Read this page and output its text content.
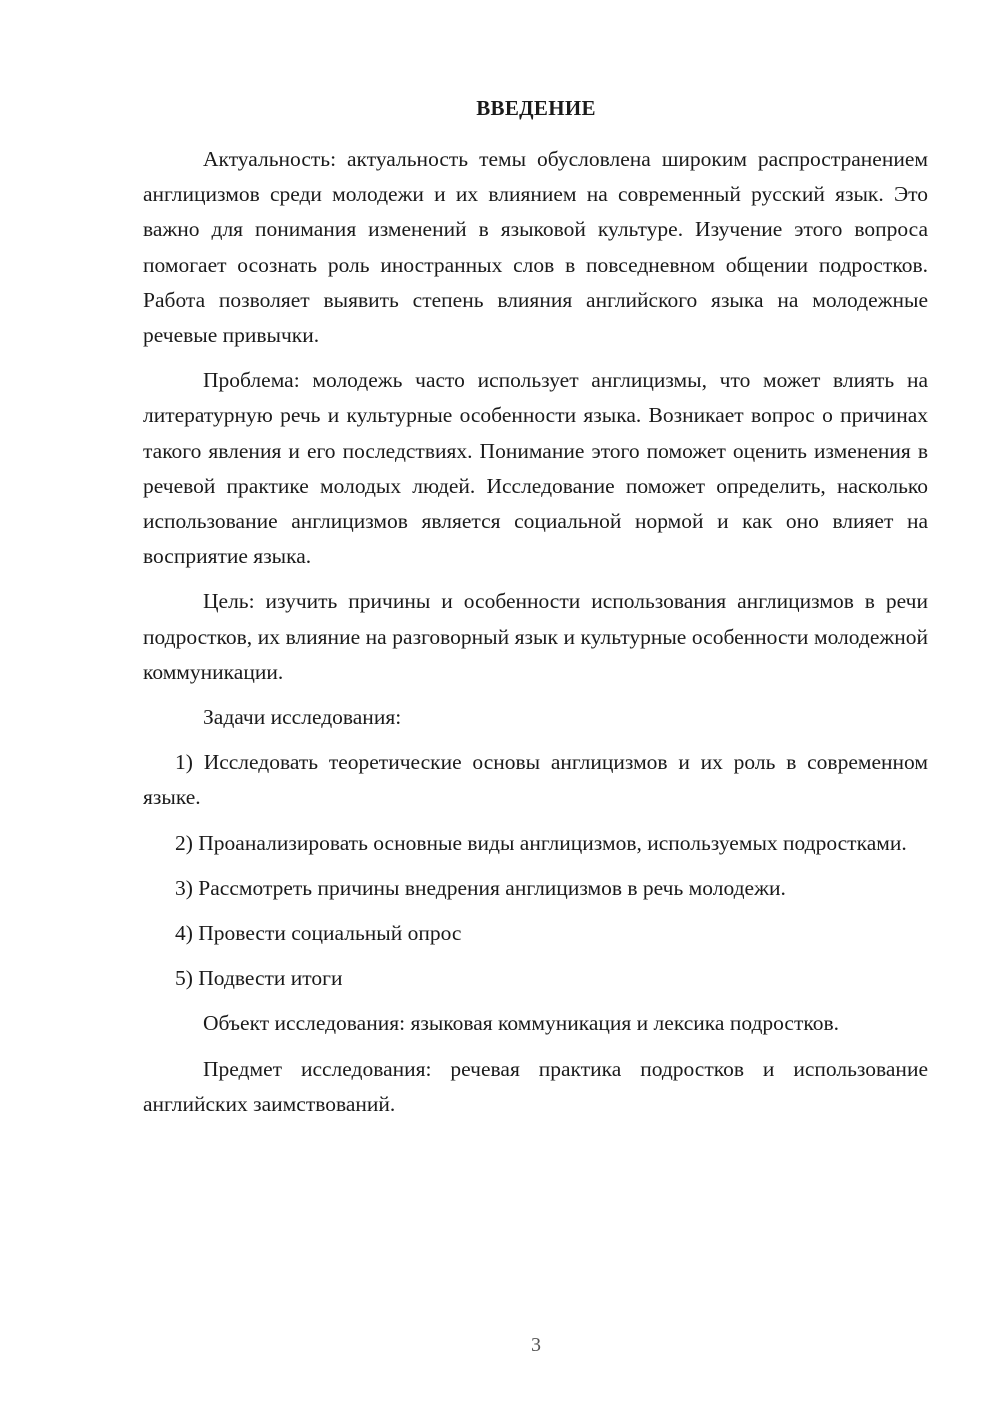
ВВЕДЕНИЕ

Актуальность: актуальность темы обусловлена широким распространением англицизмов среди молодежи и их влиянием на современный русский язык. Это важно для понимания изменений в языковой культуре. Изучение этого вопроса помогает осознать роль иностранных слов в повседневном общении подростков. Работа позволяет выявить степень влияния английского языка на молодежные речевые привычки.

Проблема: молодежь часто использует англицизмы, что может влиять на литературную речь и культурные особенности языка. Возникает вопрос о причинах такого явления и его последствиях. Понимание этого поможет оценить изменения в речевой практике молодых людей. Исследование поможет определить, насколько использование англицизмов является социальной нормой и как оно влияет на восприятие языка.

Цель: изучить причины и особенности использования англицизмов в речи подростков, их влияние на разговорный язык и культурные особенности молодежной коммуникации.

Задачи исследования:

1) Исследовать теоретические основы англицизмов и их роль в современном языке.

2) Проанализировать основные виды англицизмов, используемых подростками.

3) Рассмотреть причины внедрения англицизмов в речь молодежи.

4) Провести социальный опрос

5) Подвести итоги

Объект исследования: языковая коммуникация и лексика подростков.

Предмет исследования: речевая практика подростков и использование английских заимствований.

3
